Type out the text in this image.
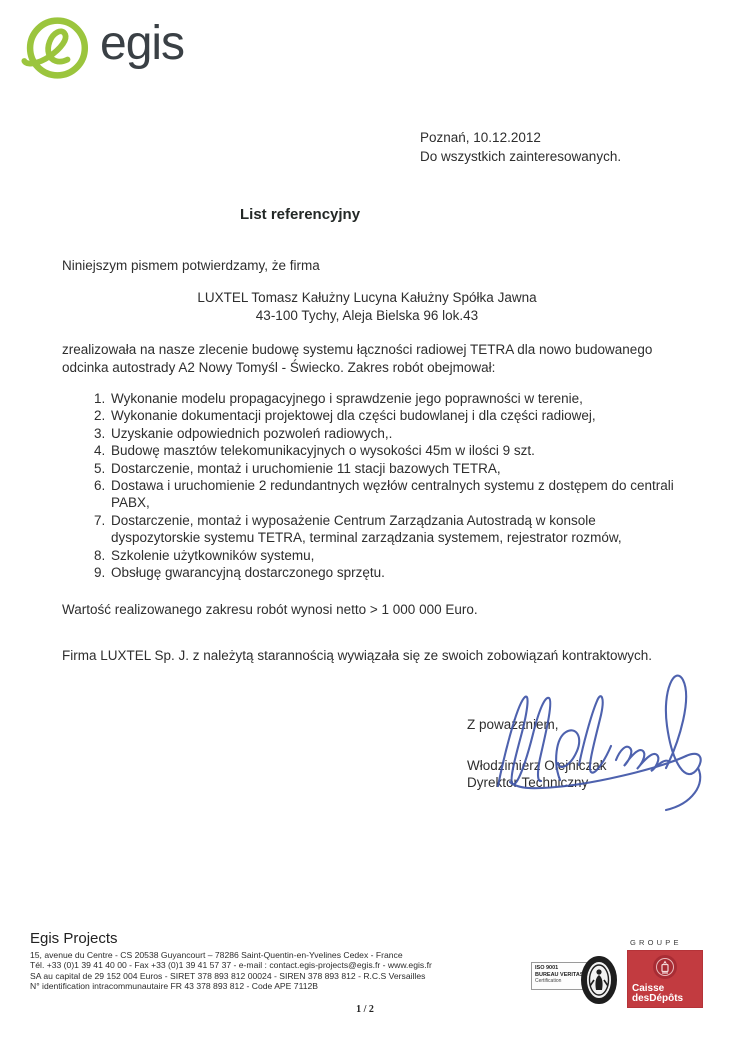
egis
Poznań, 10.12.2012
Do wszystkich zainteresowanych.
List referencyjny
Niniejszym pismem potwierdzamy, że firma
LUXTEL Tomasz Kałużny Lucyna Kałużny Spółka Jawna
43-100 Tychy, Aleja Bielska 96 lok.43
zrealizowała na nasze zlecenie budowę systemu łączności radiowej TETRA dla nowo budowanego odcinka autostrady A2 Nowy Tomyśl - Świecko. Zakres robót obejmował:
1. Wykonanie modelu propagacyjnego i sprawdzenie jego poprawności w terenie,
2. Wykonanie dokumentacji projektowej dla części budowlanej i dla części radiowej,
3. Uzyskanie odpowiednich pozwoleń radiowych,.
4. Budowę masztów telekomunikacyjnych o wysokości 45m w ilości 9 szt.
5. Dostarczenie, montaż i uruchomienie 11 stacji bazowych TETRA,
6. Dostawa i uruchomienie 2 redundantnych węzłów centralnych systemu z dostępem do centrali PABX,
7. Dostarczenie, montaż i wyposażenie Centrum Zarządzania Autostradą w konsole dyspozytorskie systemu TETRA, terminal zarządzania systemem, rejestrator rozmów,
8. Szkolenie użytkowników systemu,
9. Obsługę gwarancyjną dostarczonego sprzętu.
Wartość realizowanego zakresu robót wynosi netto > 1 000 000 Euro.
Firma LUXTEL Sp. J. z należytą starannością wywiązała się ze swoich zobowiązań kontraktowych.
Z poważaniem,
Włodzimierz Olejniczak
Dyrektor Techniczny
Egis Projects
15, avenue du Centre - CS 20538 Guyancourt – 78286 Saint-Quentin-en-Yvelines Cedex - France
Tél. +33 (0)1 39 41 40 00 - Fax +33 (0)1 39 41 57 37 - e-mail : contact.egis-projects@egis.fr - www.egis.fr
SA au capital de 29 152 004 Euros - SIRET 378 893 812 00024 - SIREN 378 893 812 - R.C.S Versailles
N° identification intracommunautaire FR 43 378 893 812 - Code APE 7112B
1 / 2
ISO 9001
BUREAU VERITAS
Certification
GROUPE
Caisse
desDépôts
